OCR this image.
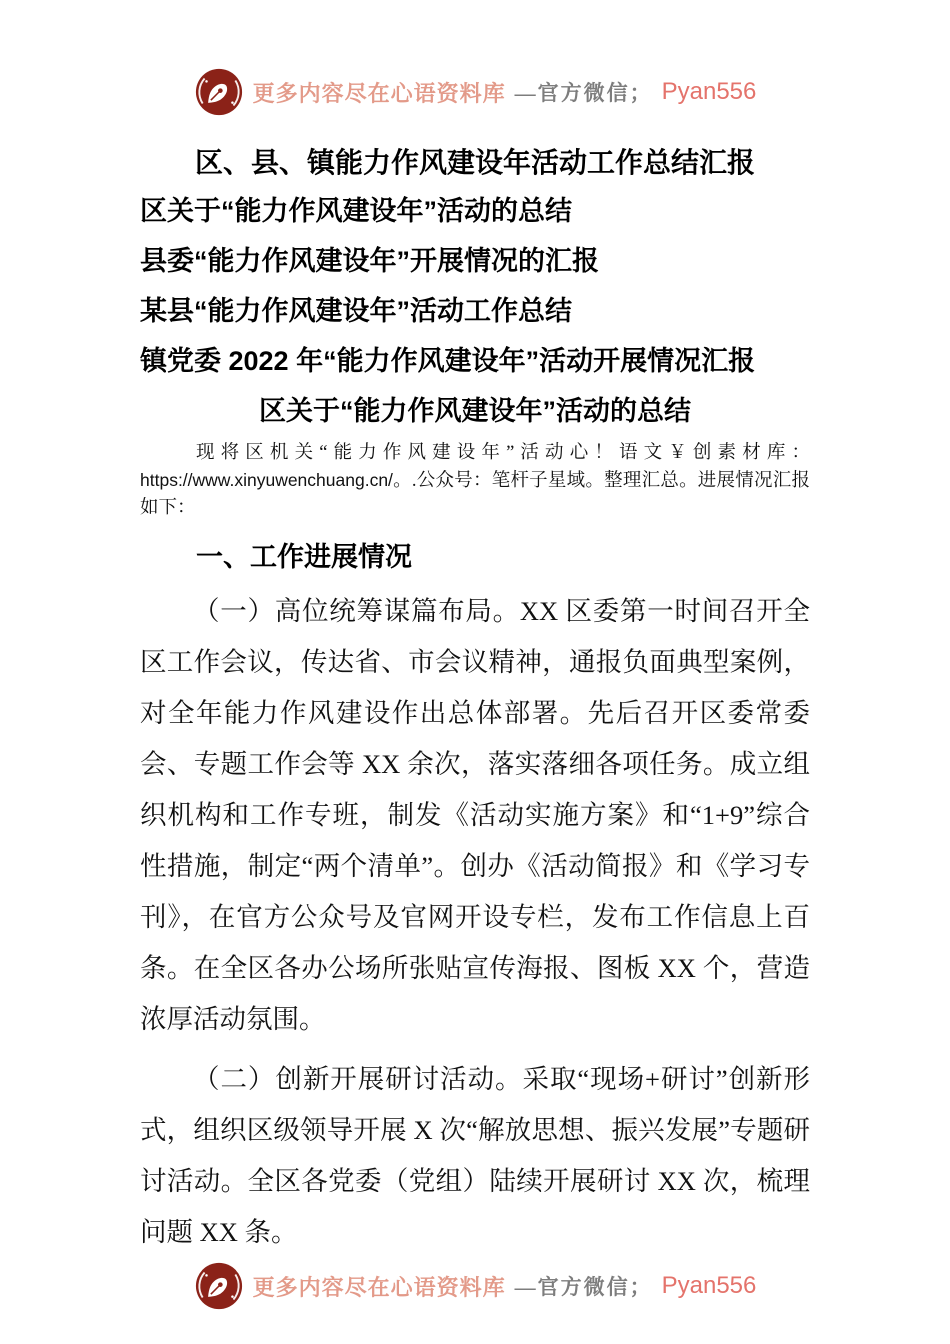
更多内容尽在心语资料库 —官方微信； Pyan556
区、县、镇能力作风建设年活动工作总结汇报
区关于“能力作风建设年”活动的总结
县委“能力作风建设年”开展情况的汇报
某县“能力作风建设年”活动工作总结
镇党委 2022 年“能力作风建设年”活动开展情况汇报
区关于“能力作风建设年”活动的总结

现将区机关“能力作风建设年”活动心！语文￥创素材库： https://www.xinyuwenchuang.cn/。.公众号：笔杆子星域。整理汇总。进展情况汇报如下：

一、工作进展情况

（一）高位统筹谋篇布局。XX 区委第一时间召开全区工作会议，传达省、市会议精神，通报负面典型案例，对全年能力作风建设作出总体部署。先后召开区委常委会、专题工作会等 XX 余次，落实落细各项任务。成立组织机构和工作专班，制发《活动实施方案》和“1+9”综合性措施，制定“两个清单”。创办《活动简报》和《学习专刊》，在官方公众号及官网开设专栏，发布工作信息上百条。在全区各办公场所张贴宣传海报、图板 XX 个，营造浓厚活动氛围。

（二）创新开展研讨活动。采取“现场+研讨”创新形式，组织区级领导开展 X 次“解放思想、振兴发展”专题研讨活动。全区各党委（党组）陆续开展研讨 XX 次，梳理问题 XX 条。

更多内容尽在心语资料库 —官方微信； Pyan556
